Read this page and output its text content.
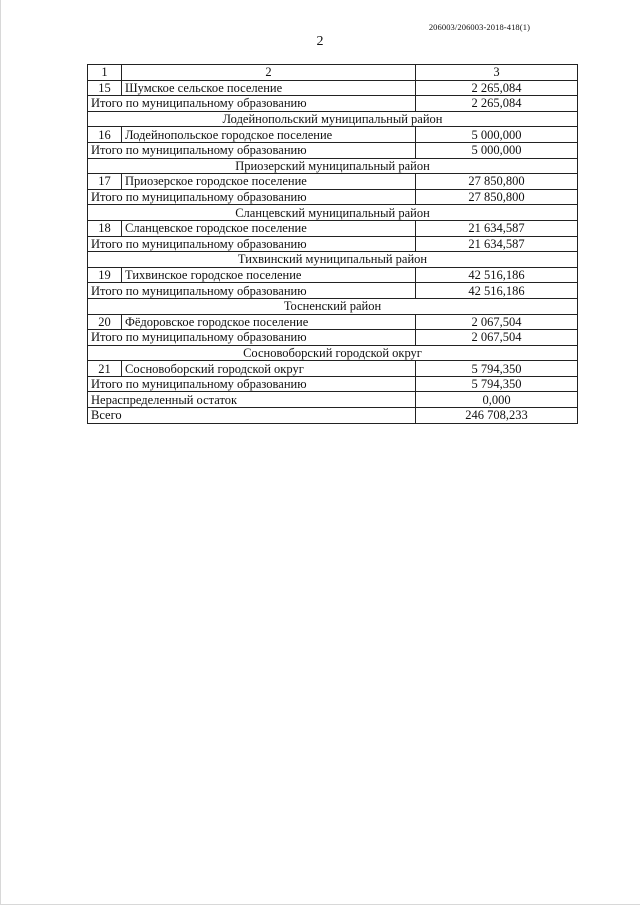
206003/206003-2018-418(1)
2
1	2	3
15	Шумское сельское поселение	2 265,084
Итого по муниципальному образованию		2 265,084
Лодейнопольский муниципальный район		
16	Лодейнопольское городское поселение	5 000,000
Итого по муниципальному образованию		5 000,000
Приозерский муниципальный район		
17	Приозерское городское поселение	27 850,800
Итого по муниципальному образованию		27 850,800
Сланцевский муниципальный район		
18	Сланцевское городское поселение	21 634,587
Итого по муниципальному образованию		21 634,587
Тихвинский муниципальный район		
19	Тихвинское городское поселение	42 516,186
Итого по муниципальному образованию		42 516,186
Тосненский район		
20	Фёдоровское городское поселение	2 067,504
Итого по муниципальному образованию		2 067,504
Сосновоборский городской округ		
21	Сосновоборский городской округ	5 794,350
Итого по муниципальному образованию		5 794,350
Нераспределенный остаток		0,000
Всего		246 708,233
